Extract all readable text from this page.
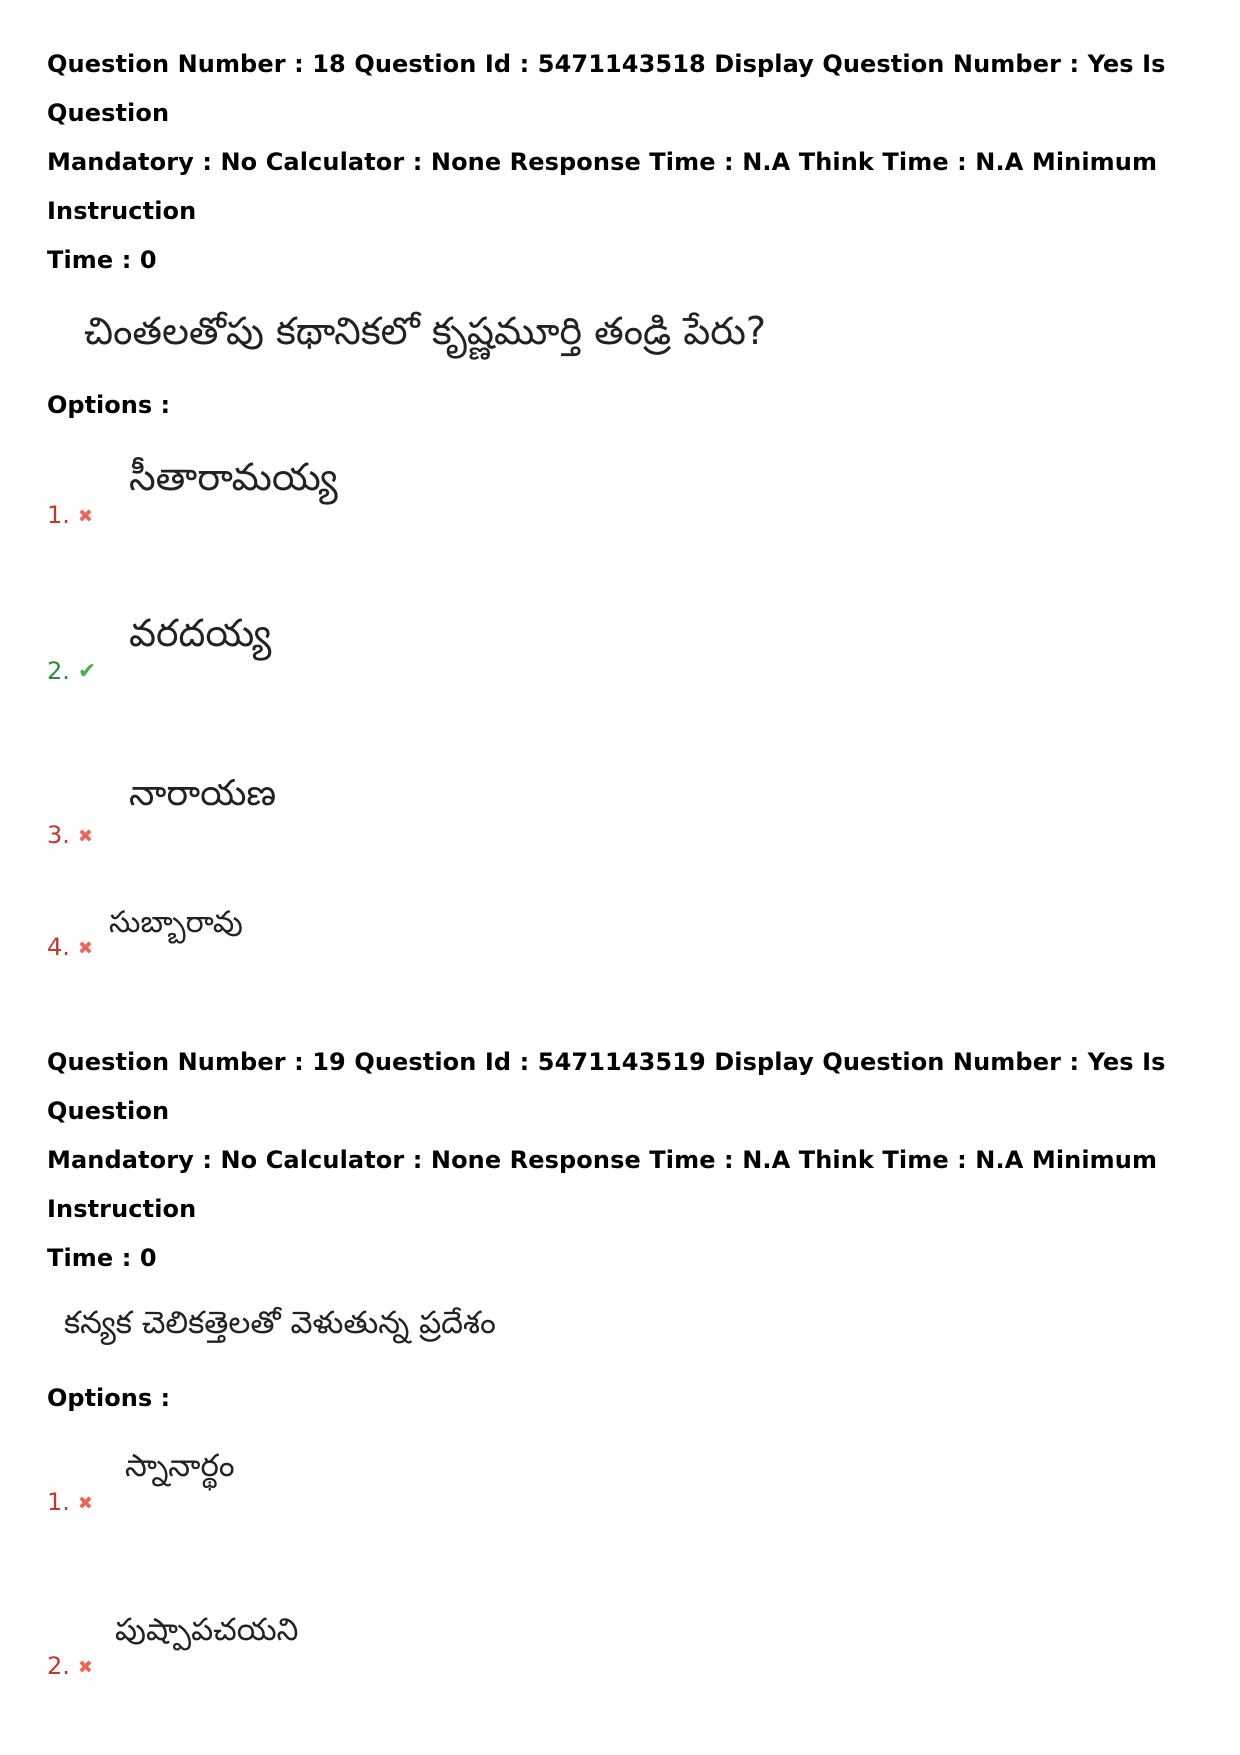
Question Number : 18 Question Id : 5471143518 Display Question Number : Yes Is Question

Mandatory : No Calculator : None Response Time : N.A Think Time : N.A Minimum Instruction

Time : 0

చింతలతోపు కథానికలో కృష్ణమూర్తి తండ్రి పేరు?

Options :

సీతారామయ్య
1. ✖
వరదయ్య
2. ✔
నారాయణ
3. ✖
సుబ్బారావు
4. ✖

Question Number : 19 Question Id : 5471143519 Display Question Number : Yes Is Question

Mandatory : No Calculator : None Response Time : N.A Think Time : N.A Minimum Instruction

Time : 0

కన్యక చెలికత్తెలతో వెళుతున్న ప్రదేశం

Options :

స్నానార్థం
1. ✖
పుష్పాపచయని
2. ✖
